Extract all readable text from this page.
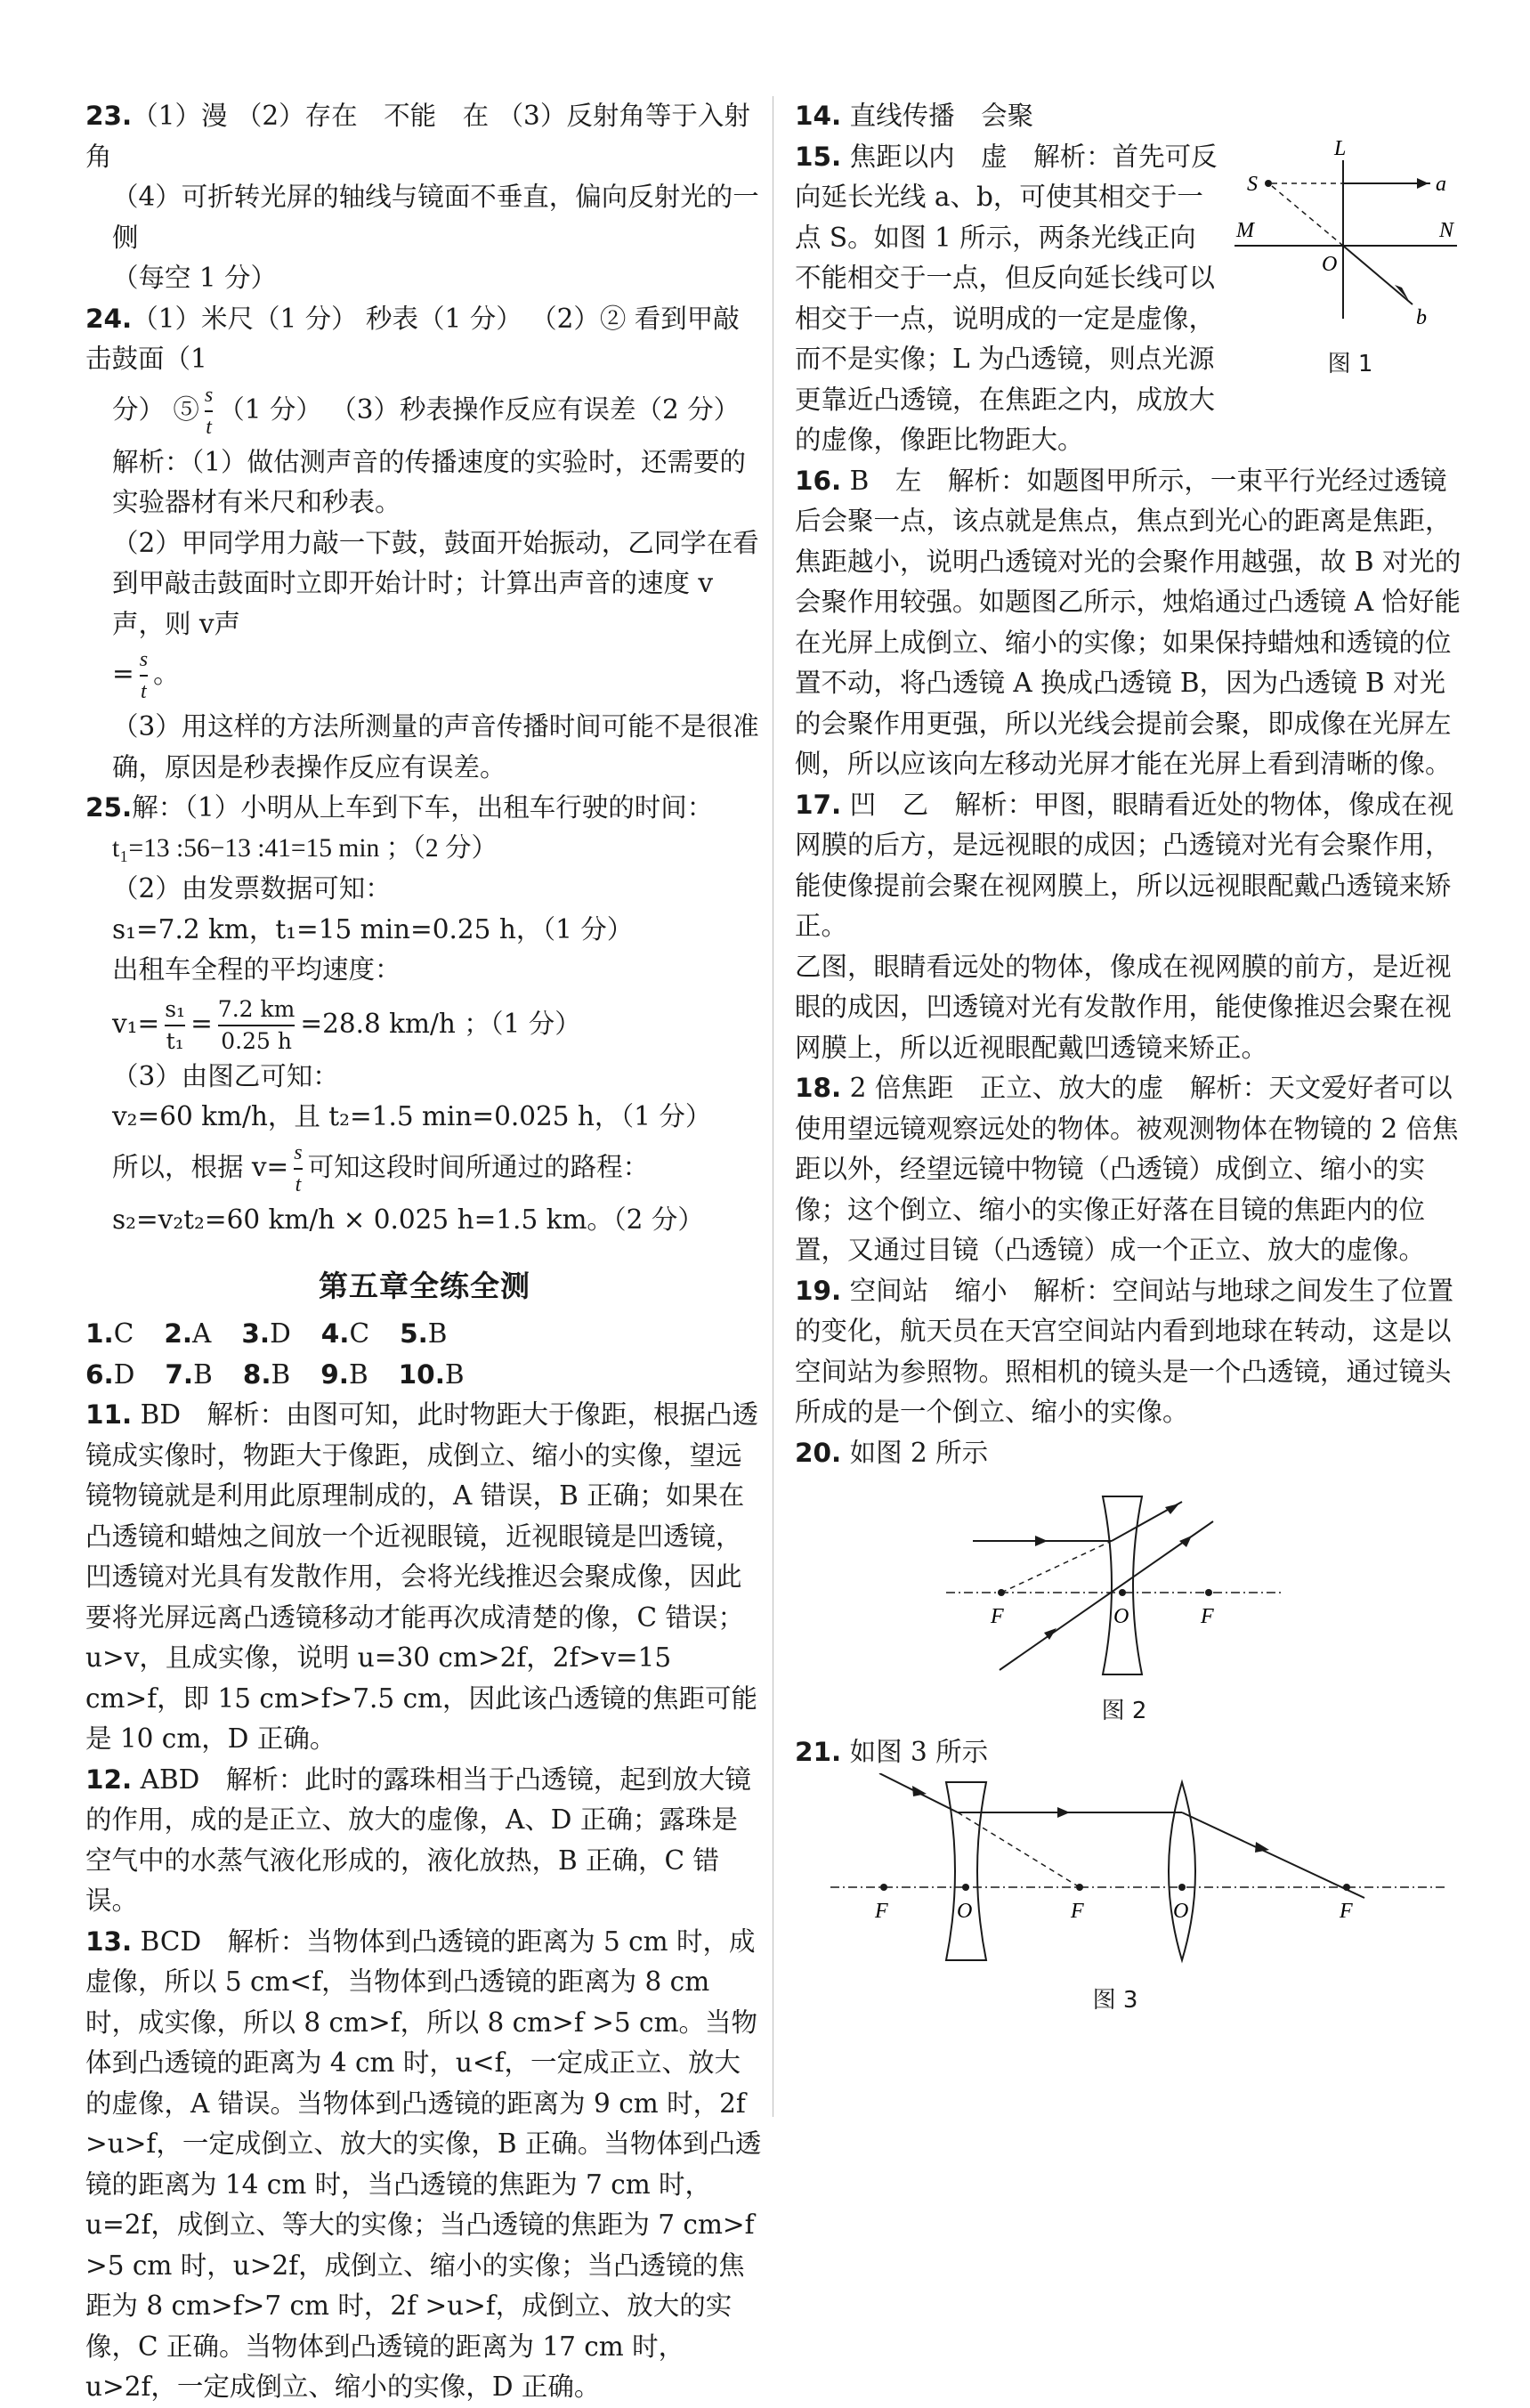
23.（1）漫 （2）存在　不能　在 （3）反射角等于入射角

（4）可折转光屏的轴线与镜面不垂直，偏向反射光的一侧

（每空 1 分）

24.（1）米尺（1 分） 秒表（1 分） （2）② 看到甲敲击鼓面（1

分） ⑤ $\frac{s}{t} (1$ 分） （3）秒表操作反应有误差（2 分）

解析：（1）做估测声音的传播速度的实验时，还需要的实验器材有米尺和秒表。

（2）甲同学用力敲一下鼓，鼓面开始振动，乙同学在看到甲敲击鼓面时立即开始计时；计算出声音的速度 v声，则 v声

= $\frac{s}{t}$ 。

（3）用这样的方法所测量的声音传播时间可能不是很准确，原因是秒表操作反应有误差。

25.解：（1）小明从上车到下车，出租车行驶的时间：

t₁=13 :56−13 :41=15 min ；（2 分）

（2）由发票数据可知：

s₁=7.2 km，t₁=15 min=0.25 h，（1 分）

出租车全程的平均速度：

$v_1= \frac{\text{s₁}}{\text{t₁}} = \frac{7.2 km}{0.25 h} =28.8$ km/h ；（1 分）

（3）由图乙可知：

v₂=60 km/h，且 t₂=1.5 min=0.025 h，（1 分）

所以，根据 $v= \frac{s}{t}$ 可知这段时间所通过的路程：

s₂=v₂t₂=60 km/h × 0.025 h=1.5 km。（2 分）

第五章全练全测

1.C 2.A 3.D 4.C 5.B

6.D 7.B 8.B 9.B 10.B

11. BD　解析：由图可知，此时物距大于像距，根据凸透镜成实像时，物距大于像距，成倒立、缩小的实像，望远镜物镜就是利用此原理制成的，A 错误，B 正确；如果在凸透镜和蜡烛之间放一个近视眼镜，近视眼镜是凹透镜，凹透镜对光具有发散作用，会将光线推迟会聚成像，因此要将光屏远离凸透镜移动才能再次成清楚的像，C 错误；u>v，且成实像，说明 u=30 cm>2f，2f>v=15 cm>f，即 15 cm>f>7.5 cm，因此该凸透镜的焦距可能是 10 cm，D 正确。

12. ABD　解析：此时的露珠相当于凸透镜，起到放大镜的作用，成的是正立、放大的虚像，A、D 正确；露珠是空气中的水蒸气液化形成的，液化放热，B 正确，C 错误。

13. BCD　解析：当物体到凸透镜的距离为 5 cm 时，成虚像，所以 5 cm<f，当物体到凸透镜的距离为 8 cm 时，成实像，所以 8 cm>f，所以 8 cm>f >5 cm。当物体到凸透镜的距离为 4 cm 时，u<f，一定成正立、放大的虚像，A 错误。当物体到凸透镜的距离为 9 cm 时，2f >u>f，一定成倒立、放大的实像，B 正确。当物体到凸透镜的距离为 14 cm 时，当凸透镜的焦距为 7 cm 时，u=2f，成倒立、等大的实像；当凸透镜的焦距为 7 cm>f >5 cm 时，u>2f，成倒立、缩小的实像；当凸透镜的焦距为 8 cm>f>7 cm 时，2f >u>f，成倒立、放大的实像，C 正确。当物体到凸透镜的距离为 17 cm 时，u>2f，一定成倒立、缩小的实像，D 正确。

14. 直线传播　会聚

S	a
L
M	N
O
b
图 1

15. 焦距以内　虚　解析：首先可反向延长光线 a、b，可使其相交于一点 S。如图 1 所示，两条光线正向不能相交于一点，但反向延长线可以相交于一点，说明成的一定是虚像，而不是实像；L 为凸透镜，则点光源更靠近凸透镜，在焦距之内，成放大的虚像，像距比物距大。

16. B　左　解析：如题图甲所示，一束平行光经过透镜后会聚一点，该点就是焦点，焦点到光心的距离是焦距，焦距越小，说明凸透镜对光的会聚作用越强，故 B 对光的会聚作用较强。如题图乙所示，烛焰通过凸透镜 A 恰好能在光屏上成倒立、缩小的实像；如果保持蜡烛和透镜的位置不动，将凸透镜 A 换成凸透镜 B，因为凸透镜 B 对光的会聚作用更强，所以光线会提前会聚，即成像在光屏左侧，所以应该向左移动光屏才能在光屏上看到清晰的像。

17. 凹　乙　解析：甲图，眼睛看近处的物体，像成在视网膜的后方，是远视眼的成因；凸透镜对光有会聚作用，能使像提前会聚在视网膜上，所以远视眼配戴凸透镜来矫正。

乙图，眼睛看远处的物体，像成在视网膜的前方，是近视眼的成因，凹透镜对光有发散作用，能使像推迟会聚在视网膜上，所以近视眼配戴凹透镜来矫正。

18. 2 倍焦距　正立、放大的虚　解析：天文爱好者可以使用望远镜观察远处的物体。被观测物体在物镜的 2 倍焦距以外，经望远镜中物镜（凸透镜）成倒立、缩小的实像；这个倒立、缩小的实像正好落在目镜的焦距内的位置，又通过目镜（凸透镜）成一个正立、放大的虚像。

19. 空间站　缩小　解析：空间站与地球之间发生了位置的变化，航天员在天宫空间站内看到地球在转动，这是以空间站为参照物。照相机的镜头是一个凸透镜，通过镜头所成的是一个倒立、缩小的实像。

20. 如图 2 所示

F	O	F
图 2

21. 如图 3 所示

F	O	F	O	F
图 3
